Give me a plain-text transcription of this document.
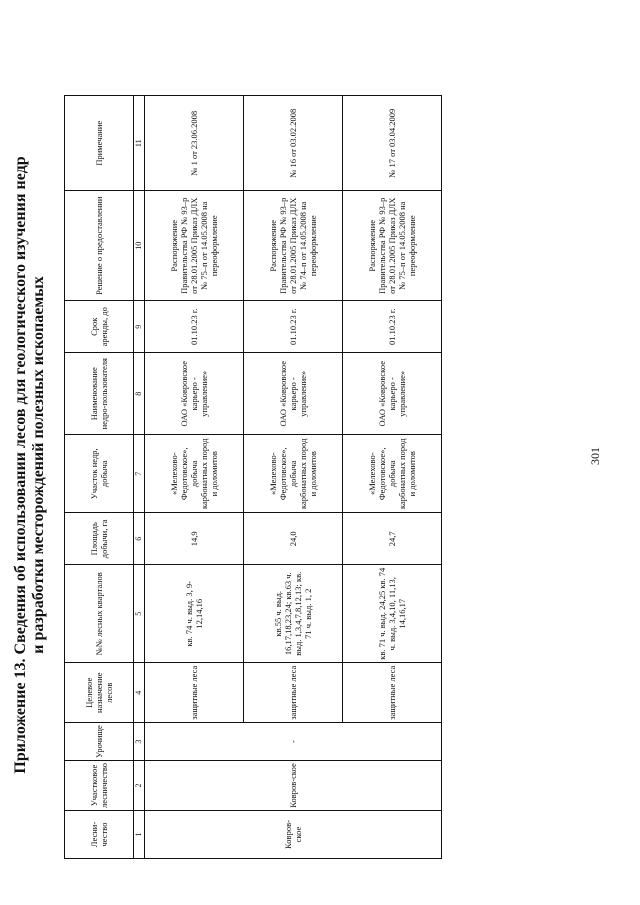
Приложение 13. Сведения об использовании лесов для геологического изучения недр и разработки месторождений полезных ископаемых
Лесни-чество	Участковое лесничество	Урочище	Целевое назначение лесов	№№ лесных кварталов	Площадь добычи, га	Участок недр, добыча	Наименование недро-пользователя	Срок аренды, до	Решение о предоставлении	Примечание
1	2	3	4	5	6	7	8	9	10	11
Ковров-ское	Ковров-ское	-	защитные леса	кв. 74 ч. выд. 3, 9-12,14,16	14,9	«Мелехово-Федотовское», добыча карбонатных пород и доломитов	ОАО «Ковровское карьеро - управление»	01.10.23 г.	Распоряжение Правительства РФ № 93–р от 28.01.2005 Приказ ДЛХ № 75–п от 14.05.2008 на переоформление	№ 1 от 23.06.2008
			защитные леса	кв.55 ч. выд. 16,17,18,23,24; кв.63 ч. выд. 1,3,4,7,8,12,13; кв. 71 ч. выд. 1, 2	24,0	«Мелехово-Федотовское», добыча карбонатных пород и доломитов	ОАО «Ковровское карьеро - управление»	01.10.23 г.	Распоряжение Правительства РФ № 93–р от 28.01.2005 Приказ ДЛХ № 74–п от 14.05.2008 на переоформление	№ 16 от 03.02.2008
			защитные леса	кв. 71 ч. выд. 24,25 кв. 74 ч. выд. 3,4,10, 11,13, 14,16,17	24,7	«Мелехово-Федотовское», добыча карбонатных пород и доломитов	ОАО «Ковровское карьеро - управление»	01.10.23 г.	Распоряжение Правительства РФ № 93–р от 28.01.2005 Приказ ДЛХ № 75–п от 14.05.2008 на переоформление	№ 17 от 03.04.2009
301
